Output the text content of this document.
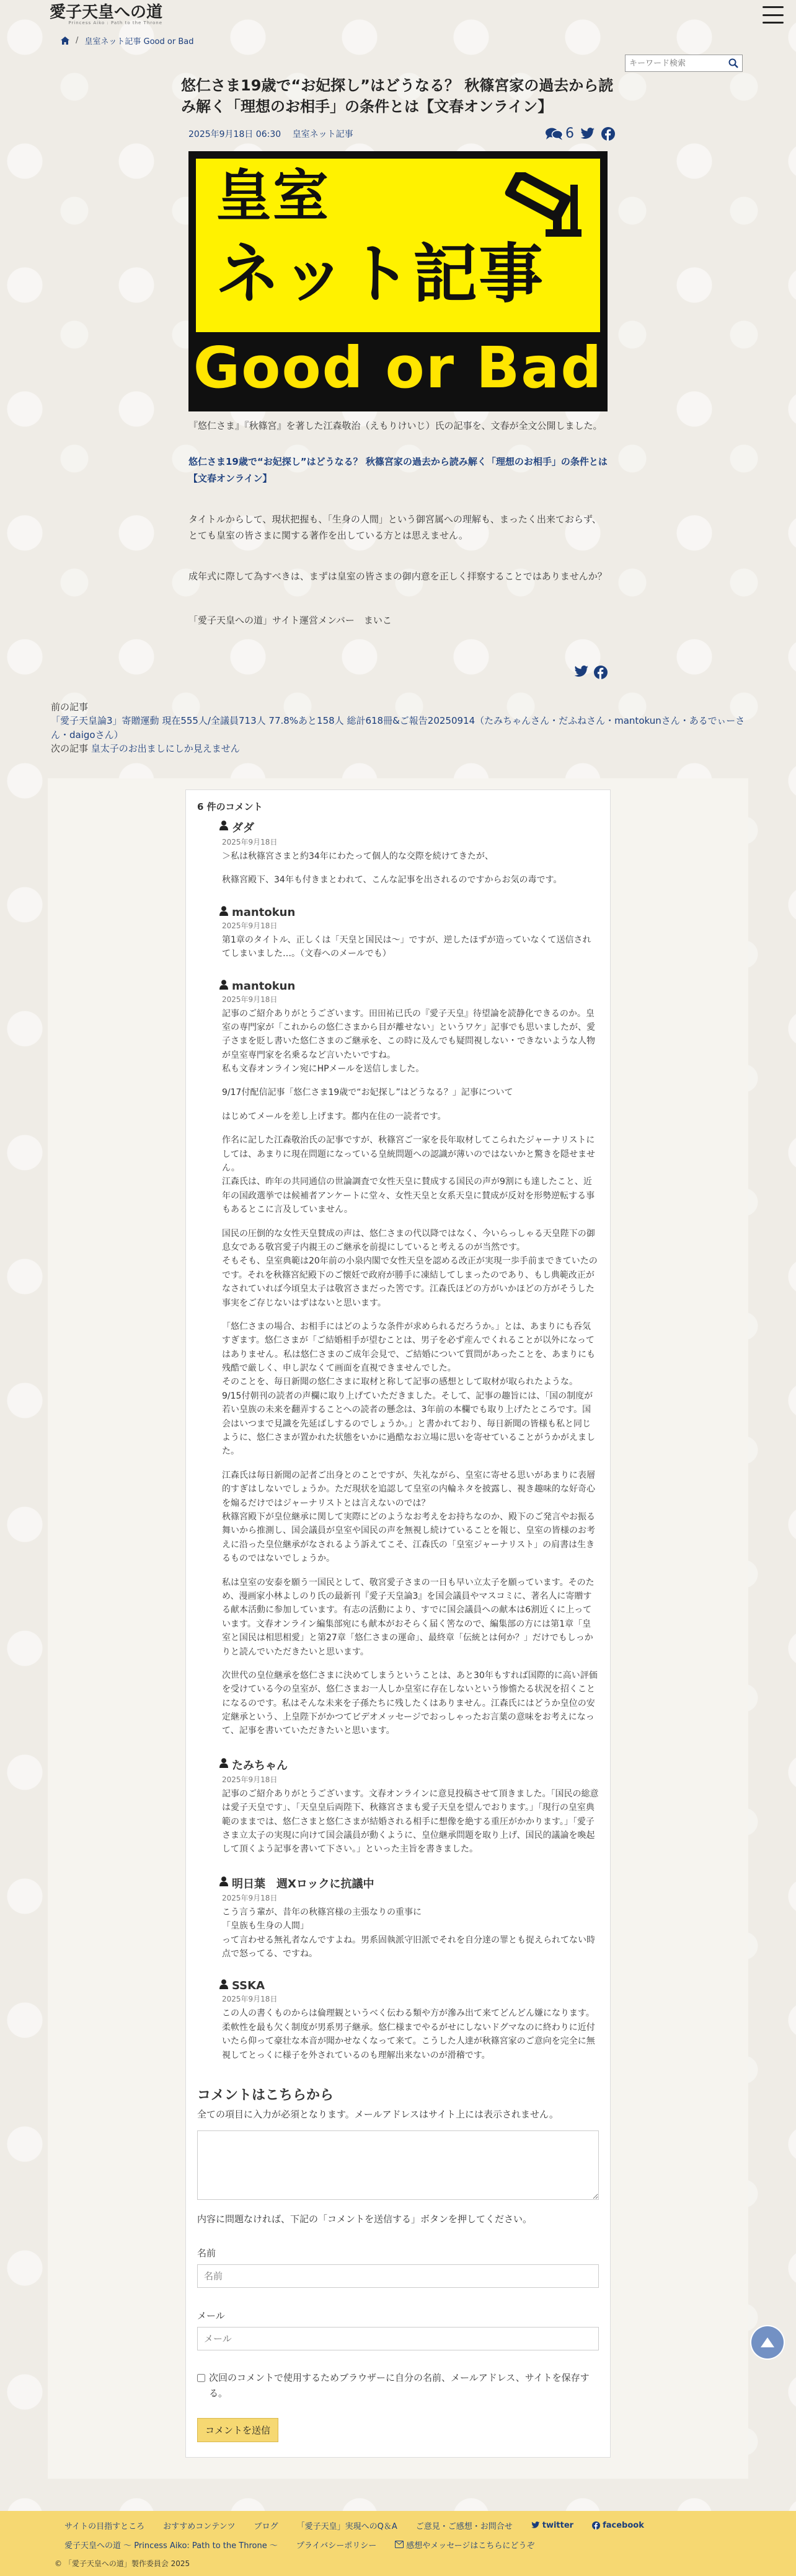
愛子天皇への道
Princess Aiko : Path to the Throne
/ 皇室ネット記事 Good or Bad
キーワード検索
悠仁さま19歳で“お妃探し”はどうなる？ 秋篠宮家の過去から読み解く「理想のお相手」の条件とは【文春オンライン】
2025年9月18日 06:30 皇室ネット記事	6
皇室
ネット記事
Good or Bad

『悠仁さま』『秋篠宮』を著した江森敬治（えもりけいじ）氏の記事を、文春が全文公開しました。

悠仁さま19歳で“お妃探し”はどうなる？ 秋篠宮家の過去から読み解く「理想のお相手」の条件とは【文春オンライン】

タイトルからして、現状把握も、「生身の人間」という御宮属への理解も、まったく出来ておらず、とても皇室の皆さまに関する著作を出している方とは思えません。

成年式に際して為すべきは、まずは皇室の皆さまの御内意を正しく拝察することではありませんか？

「愛子天皇への道」サイト運営メンバー　まいこ

前の記事
「愛子天皇論3」寄贈運動 現在555人/全議員713人 77.8%あと158人 総計618冊&ご報告20250914（たみちゃんさん・だふねさん・mantokunさん・あるでぃーさん・daigoさん）
次の記事 皇太子のお出ましにしか見えません
6 件のコメント
ダダ
2025年9月18日

＞私は秋篠宮さまと約34年にわたって個人的な交際を続けてきたが、

秋篠宮殿下、34年も付きまとわれて、こんな記事を出されるのですからお気の毒です。

mantokun
2025年9月18日

第1章のタイトル、正しくは「天皇と国民は〜」ですが、逆したほずが造っていなくて送信されてしまいました…。（文春へのメールでも）

mantokun
2025年9月18日

記事のご紹介ありがとうございます。田田祐已氏の『愛子天皇』待望論を読静化できるのか。皇室の専門家が「これからの悠仁さまから目が離せない」というワケ」記事でも思いましたが、愛子さまを貶し書いた悠仁さまのご継承を、この時に及んでも疑問視しない・できないような人物が皇室専門家を名乗るなど言いたいですね。
私も文春オンライン宛にHPメールを送信しました。

9/17付配信記事「悠仁さま19歳で“お妃探し”はどうなる？」記事について

はじめてメールを差し上げます。都内在住の一読者です。

作名に記した江森敬治氏の記事ですが、秋篠宮ご一家を長年取材してこられたジャーナリストにしては、あまりに現在問題になっている皇統問題への認識が薄いのではないかと驚きを隠せません。
江森氏は、昨年の共同通信の世論調査で女性天皇に賛成する国民の声が9割にも達したこと、近年の国政選挙では候補者アンケートに堂々、女性天皇と女系天皇に賛成が反対を形勢逆転する事もあるとこに言及していません。

国民の圧倒的な女性天皇賛成の声は、悠仁さまの代以降ではなく、今いらっしゃる天皇陛下の御息女である敬宮愛子内親王のご継承を前提にしていると考えるのが当然です。
そもそも、皇室典範は20年前の小泉内閣で女性天皇を認める改正が実現一歩手前まできていたのです。それを秋篠宮紀殿下のご懐妊で政府が勝手に凍結してしまったのであり、もし典範改正がなされていれば今頃皇太子は敬宮さまだった筈です。江森氏ほどの方がいかほどの方がそうした事実をご存じないはずはないと思います。

「悠仁さまの場合、お相手にはどのような条件が求められるだろうか。」とは、あまりにも呑気すぎます。悠仁さまが「ご結婚相手が望むことは、男子を必ず産んでくれることが以外になってはありません。私は悠仁さまのご成年会見で、ご結婚について質問があったことを、あまりにも残酷で厳しく、申し訳なくて画面を直視できませんでした。
そのことを、毎日新聞の悠仁さまに取材と称して記事の感想として取材が取られたような。
9/15付朝刊の読者の声欄に取り上げていただきました。そして、記事の趣旨には、「国の制度が若い皇族の未来を翻弄することへの読者の懸念は、3年前の本欄でも取り上げたところです。国会はいつまで見識を先延ばしするのでしょうか。」と書かれており、毎日新聞の皆様も私と同じように、悠仁さまが置かれた状態をいかに過酷なお立場に思いを寄せていることがうかがえました。

江森氏は毎日新聞の記者ご出身とのことですが、失礼ながら、皇室に寄せる思いがあまりに表層的すぎはしないでしょうか。ただ現状を追認して皇室の内輪ネタを披露し、視き趣味的な好奇心を煽るだけではジャーナリストとは言えないのでは？
秋篠宮殿下が皇位継承に関して実際にどのようなお考えをお持ちなのか、殿下のご発言やお振る舞いから推測し、国会議員が皇室や国民の声を無視し続けていることを報じ、皇室の皆様のお考えに沿った皇位継承がなされるよう訴えてこそ、江森氏の「皇室ジャーナリスト」の肩書は生きるものではないでしょうか。

私は皇室の安泰を願う一国民として、敬宮愛子さまの一日も早い立太子を願っています。そのため、漫画家小林よしのり氏の最新刊『愛子天皇論3』を国会議員やマスコミに、著名人に寄贈する献本活動に参加しています。有志の活動により、すでに国会議員への献本は6割近くに上っています。文春オンライン編集部宛にも献本がおそらく届く筈なので、編集部の方には第1章「皇室と国民は相思相愛」と第27章「悠仁さまの運命」、最終章「伝統とは何か？」だけでもしっかりと読んでいただきたいと思います。

次世代の皇位継承を悠仁さまに決めてしまうということは、あと30年もすれば国際的に高い評価を受けている今の皇室が、悠仁さまお一人しか皇室に存在しないという惨憺たる状況を招くことになるのです。私はそんな未来を子孫たちに残したくはありません。江森氏にはどうか皇位の安定継承という、上皇陛下がかつてビデオメッセージでおっしゃったお言葉の意味をお考えになって、記事を書いていただきたいと思います。

たみちゃん
2025年9月18日

記事のご紹介ありがとうございます。文春オンラインに意見投稿させて頂きました。「国民の総意は愛子天皇です」、「天皇皇后両陛下、秋篠宮さまも愛子天皇を望んでおります。」「現行の皇室典範のままでは、悠仁さまと悠仁さまが結婚される相手に想像を絶する重圧がかかります。」「愛子さま立太子の実現に向けて国会議員が動くように、皇位継承問題を取り上げ、国民的議論を喚起して頂くよう記事を書いて下さい。」といった主旨を書きました。

明日葉　週Xロックに抗議中
2025年9月18日

こう言う輩が、昔年の秋篠宮様の主張なりの重事に
「皇族も生身の人間」
って言わせる無礼者なんですよね。男系固執派守旧派でそれを自分達の罪とも捉えられてない時点で怒ってる、ですね。

SSKA
2025年9月18日

この人の書くものからは倫理観というべく伝わる類や方が滲み出て来てどんどん嫌になります。柔軟性を最も欠く制度が男系男子継承。悠仁様までやるがせにしないドグマなのに終わりに近付いたら仰って豪壮な本音が聞かせなくなって来て。こうした人達が秋篠宮家のご意向を完全に無視してとっくに様子を外されているのも理解出来ないのが滑稽です。

コメントはこちらから

全ての項目に入力が必須となります。メールアドレスはサイト上には表示されません。

内容に問題なければ、下記の「コメントを送信する」ボタンを押してください。

名前

名前

メール

メール
次回のコメントで使用するためブラウザーに自分の名前、メールアドレス、サイトを保存する。
コメントを送信
サイトの目指すところ おすすめコンテンツ ブログ 「愛子天皇」実現へのQ＆A ご意見・ご感想・お問合せ	twitter	facebook
愛子天皇への道 〜 Princess Aiko: Path to the Throne 〜 プライバシーポリシー	感想やメッセージはこちらにどうぞ
© 「愛子天皇への道」製作委員会 2025
